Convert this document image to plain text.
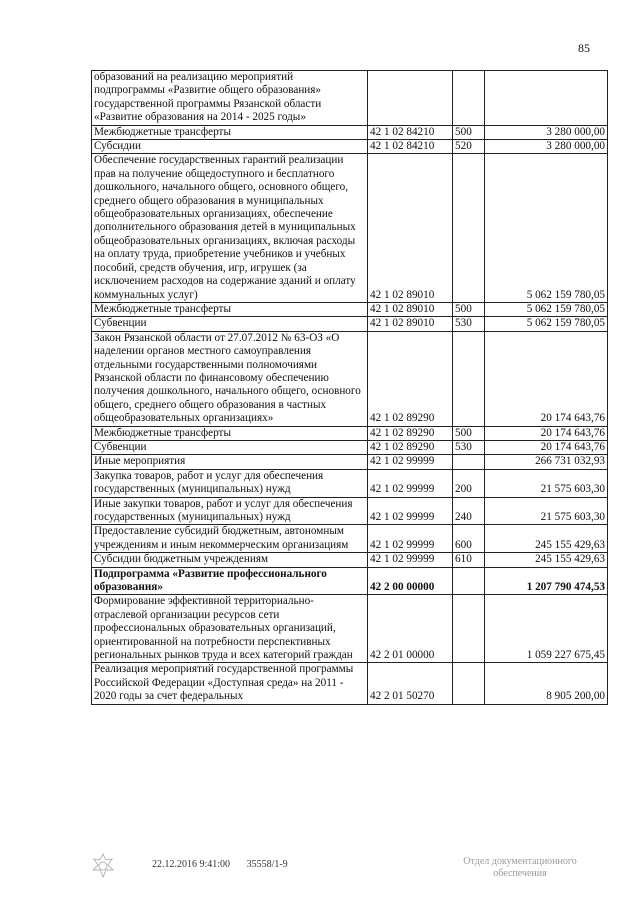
85
образований на реализацию мероприятий подпрограммы «Развитие общего образования» государственной программы Рязанской области «Развитие образования на 2014 - 2025 годы»			
Межбюджетные трансферты	42 1 02 84210	500	3 280 000,00
Субсидии	42 1 02 84210	520	3 280 000,00
Обеспечение государственных гарантий реализации прав на получение общедоступного и бесплатного дошкольного, начального общего, основного общего, среднего общего образования в муниципальных общеобразовательных организациях, обеспечение дополнительного образования детей в муниципальных общеобразовательных организациях, включая расходы на оплату труда, приобретение учебников и учебных пособий, средств обучения, игр, игрушек (за исключением расходов на содержание зданий и оплату коммунальных услуг)	42 1 02 89010		5 062 159 780,05
Межбюджетные трансферты	42 1 02 89010	500	5 062 159 780,05
Субвенции	42 1 02 89010	530	5 062 159 780,05
Закон Рязанской области от 27.07.2012 № 63-ОЗ «О наделении органов местного самоуправления отдельными государственными полномочиями Рязанской области по финансовому обеспечению получения дошкольного, начального общего, основного общего, среднего общего образования в частных общеобразовательных организациях»	42 1 02 89290		20 174 643,76
Межбюджетные трансферты	42 1 02 89290	500	20 174 643,76
Субвенции	42 1 02 89290	530	20 174 643,76
Иные мероприятия	42 1 02 99999		266 731 032,93
Закупка товаров, работ и услуг для обеспечения государственных (муниципальных) нужд	42 1 02 99999	200	21 575 603,30
Иные закупки товаров, работ и услуг для обеспечения государственных (муниципальных) нужд	42 1 02 99999	240	21 575 603,30
Предоставление субсидий бюджетным, автономным учреждениям и иным некоммерческим организациям	42 1 02 99999	600	245 155 429,63
Субсидии бюджетным учреждениям	42 1 02 99999	610	245 155 429,63
Подпрограмма «Развитие профессионального образования»	42 2 00 00000		1 207 790 474,53
Формирование эффективной территориально-отраслевой организации ресурсов сети профессиональных образовательных организаций, ориентированной на потребности перспективных региональных рынков труда и всех категорий граждан	42 2 01 00000		1 059 227 675,45
Реализация мероприятий государственной программы Российской Федерации «Доступная среда» на 2011 - 2020 годы за счет федеральных	42 2 01 50270		8 905 200,00
22.12.2016 9:41:00 35558/1-9	Отдел документационного
обеспечения
